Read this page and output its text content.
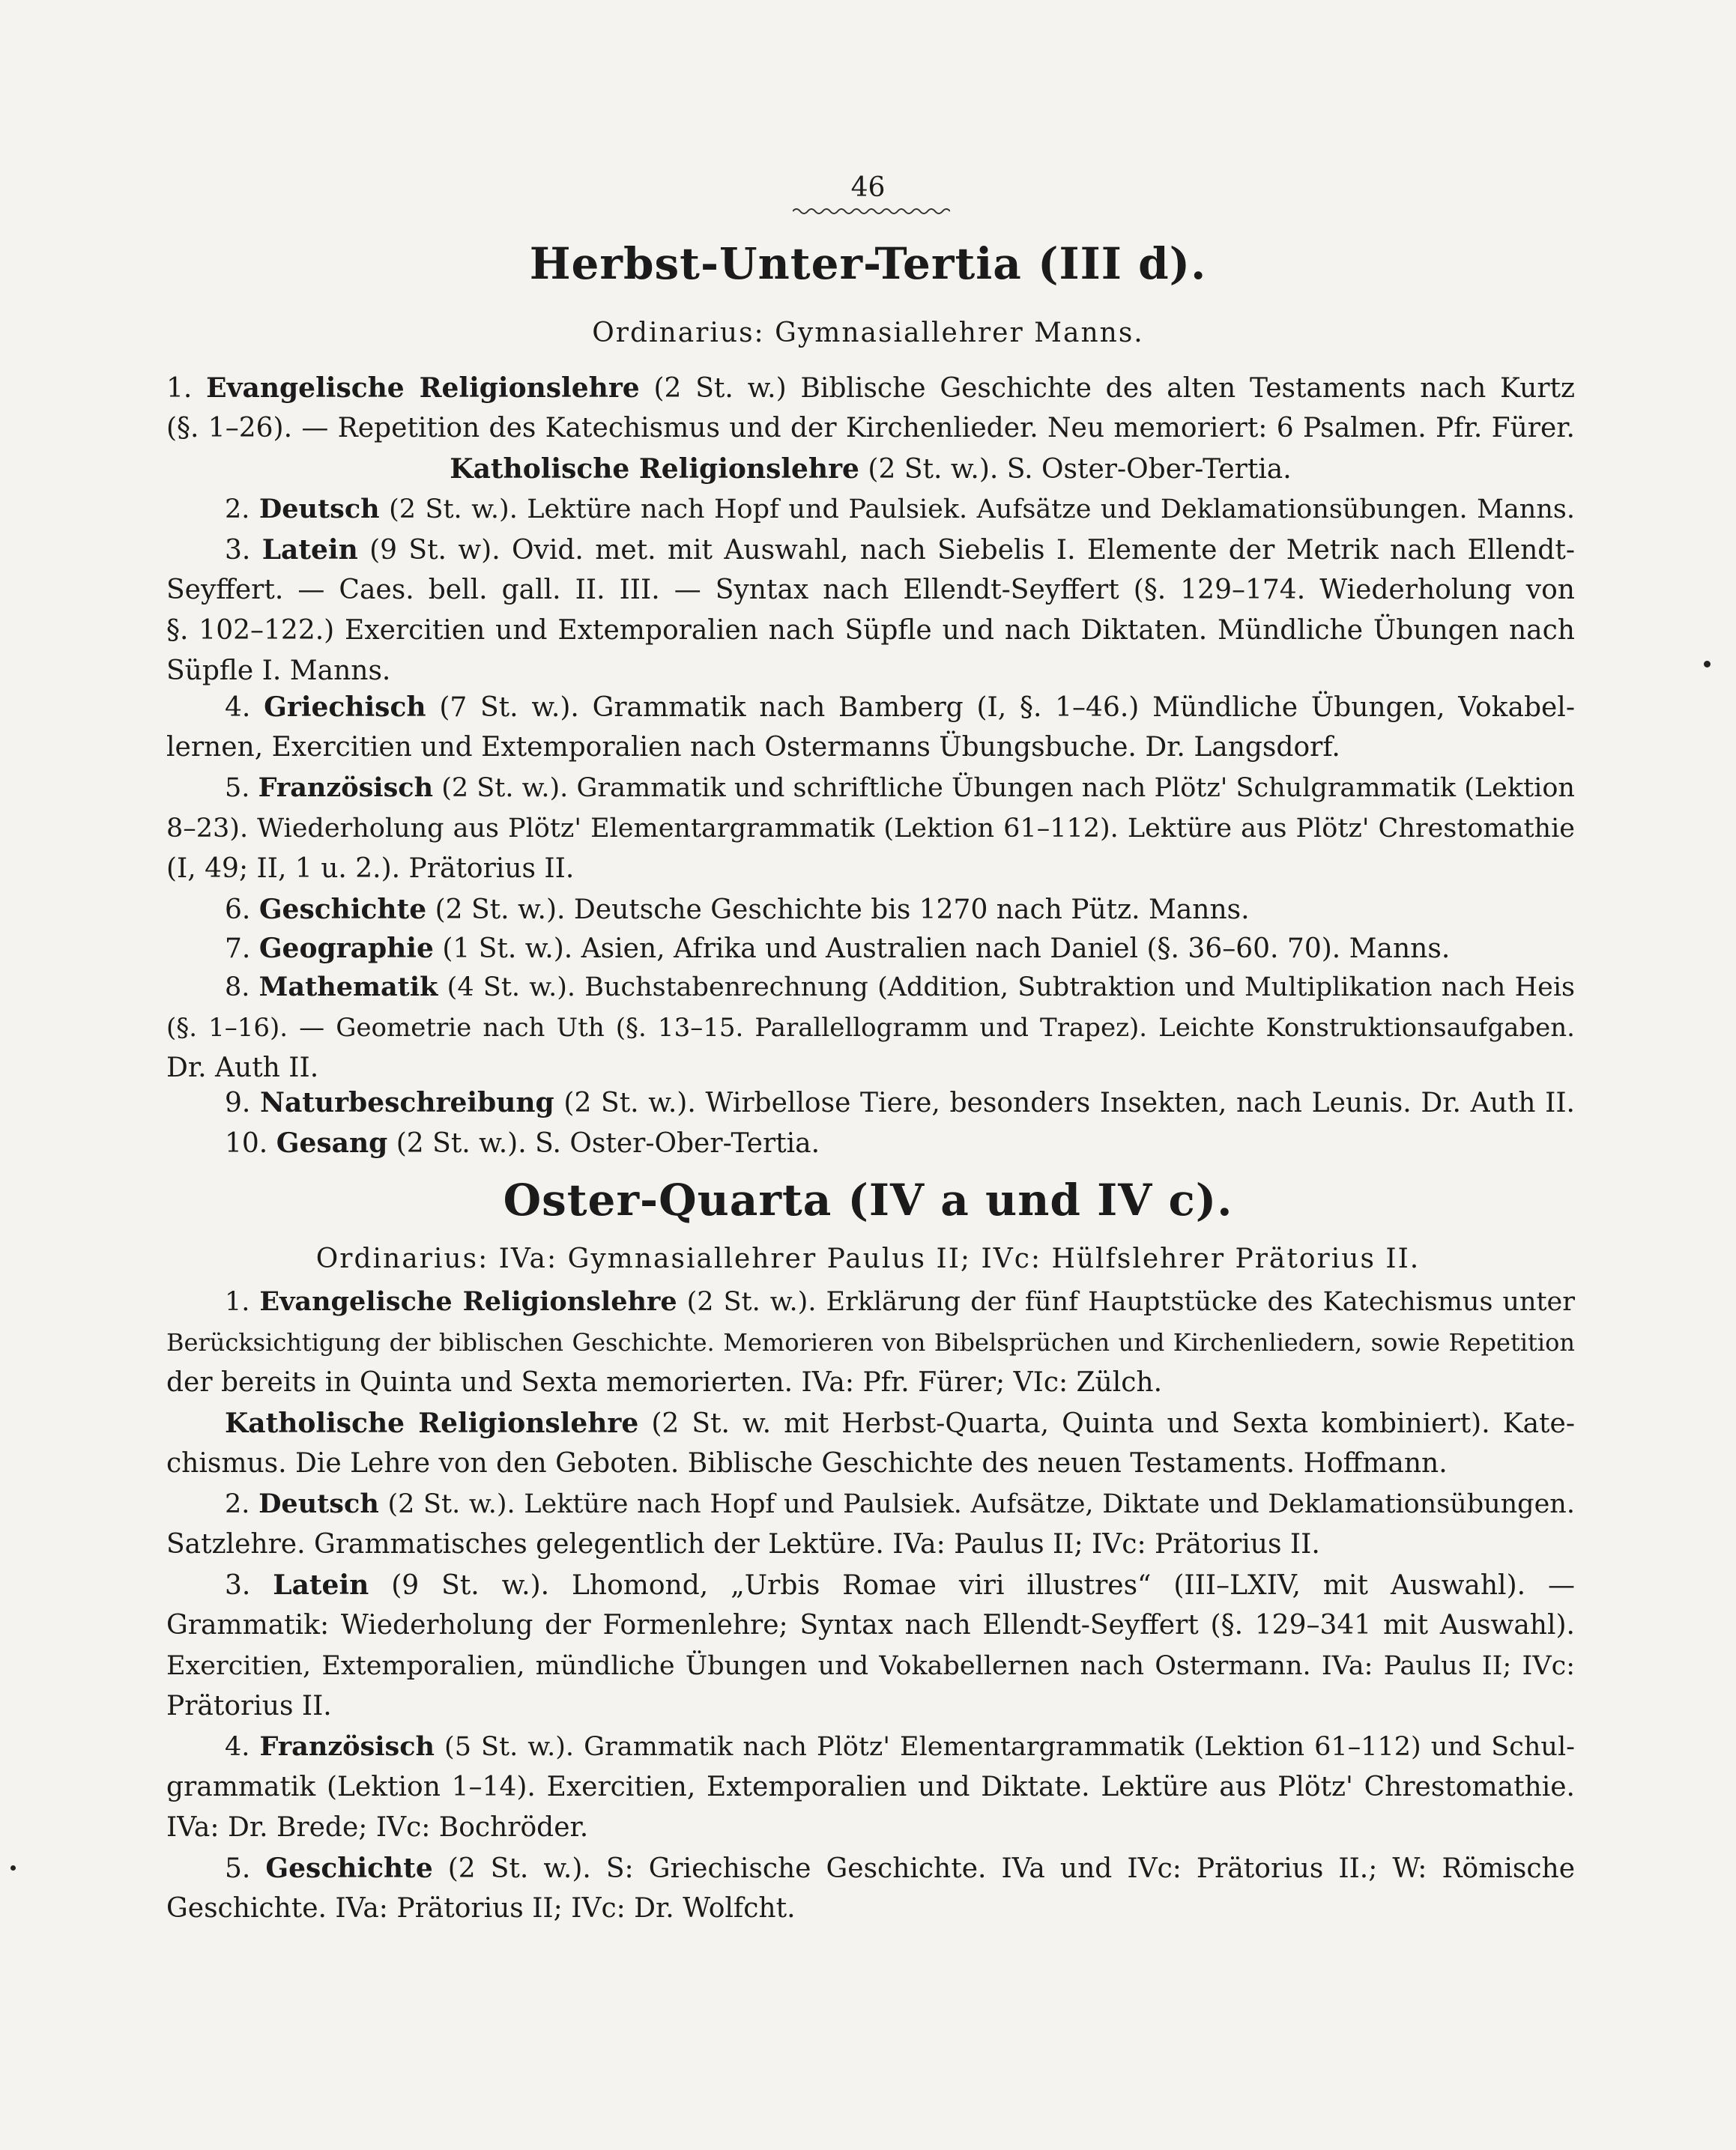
46
Herbst-Unter-Tertia (III d).
Ordinarius: Gymnasiallehrer Manns.
1. Evangelische Religionslehre (2 St. w.) Biblische Geschichte des alten Testaments nach Kurtz
(§. 1–26). — Repetition des Katechismus und der Kirchenlieder. Neu memoriert: 6 Psalmen. Pfr. Fürer.
Katholische Religionslehre (2 St. w.). S. Oster-Ober-Tertia.
2. Deutsch (2 St. w.). Lektüre nach Hopf und Paulsiek. Aufsätze und Deklamationsübungen. Manns.
3. Latein (9 St. w). Ovid. met. mit Auswahl, nach Siebelis I. Elemente der Metrik nach Ellendt-
Seyffert. — Caes. bell. gall. II. III. — Syntax nach Ellendt-Seyffert (§. 129–174. Wiederholung von
§. 102–122.) Exercitien und Extemporalien nach Süpfle und nach Diktaten. Mündliche Übungen nach
Süpfle I. Manns.
4. Griechisch (7 St. w.). Grammatik nach Bamberg (I, §. 1–46.) Mündliche Übungen, Vokabel-
lernen, Exercitien und Extemporalien nach Ostermanns Übungsbuche. Dr. Langsdorf.
5. Französisch (2 St. w.). Grammatik und schriftliche Übungen nach Plötz' Schulgrammatik (Lektion
8–23). Wiederholung aus Plötz' Elementargrammatik (Lektion 61–112). Lektüre aus Plötz' Chrestomathie
(I, 49; II, 1 u. 2.). Prätorius II.
6. Geschichte (2 St. w.). Deutsche Geschichte bis 1270 nach Pütz. Manns.
7. Geographie (1 St. w.). Asien, Afrika und Australien nach Daniel (§. 36–60. 70). Manns.
8. Mathematik (4 St. w.). Buchstabenrechnung (Addition, Subtraktion und Multiplikation nach Heis
(§. 1–16). — Geometrie nach Uth (§. 13–15. Parallellogramm und Trapez). Leichte Konstruktionsaufgaben.
Dr. Auth II.
9. Naturbeschreibung (2 St. w.). Wirbellose Tiere, besonders Insekten, nach Leunis. Dr. Auth II.
10. Gesang (2 St. w.). S. Oster-Ober-Tertia.
Oster-Quarta (IV a und IV c).
Ordinarius: IVa: Gymnasiallehrer Paulus II; IVc: Hülfslehrer Prätorius II.
1. Evangelische Religionslehre (2 St. w.). Erklärung der fünf Hauptstücke des Katechismus unter
Berücksichtigung der biblischen Geschichte. Memorieren von Bibelsprüchen und Kirchenliedern, sowie Repetition
der bereits in Quinta und Sexta memorierten. IVa: Pfr. Fürer; VIc: Zülch.
Katholische Religionslehre (2 St. w. mit Herbst-Quarta, Quinta und Sexta kombiniert). Kate-
chismus. Die Lehre von den Geboten. Biblische Geschichte des neuen Testaments. Hoffmann.
2. Deutsch (2 St. w.). Lektüre nach Hopf und Paulsiek. Aufsätze, Diktate und Deklamationsübungen.
Satzlehre. Grammatisches gelegentlich der Lektüre. IVa: Paulus II; IVc: Prätorius II.
3. Latein (9 St. w.). Lhomond, „Urbis Romae viri illustres“ (III–LXIV, mit Auswahl). —
Grammatik: Wiederholung der Formenlehre; Syntax nach Ellendt-Seyffert (§. 129–341 mit Auswahl).
Exercitien, Extemporalien, mündliche Übungen und Vokabellernen nach Ostermann. IVa: Paulus II; IVc:
Prätorius II.
4. Französisch (5 St. w.). Grammatik nach Plötz' Elementargrammatik (Lektion 61–112) und Schul-
grammatik (Lektion 1–14). Exercitien, Extemporalien und Diktate. Lektüre aus Plötz' Chrestomathie.
IVa: Dr. Brede; IVc: Bochröder.
5. Geschichte (2 St. w.). S: Griechische Geschichte. IVa und IVc: Prätorius II.; W: Römische
Geschichte. IVa: Prätorius II; IVc: Dr. Wolfcht.
